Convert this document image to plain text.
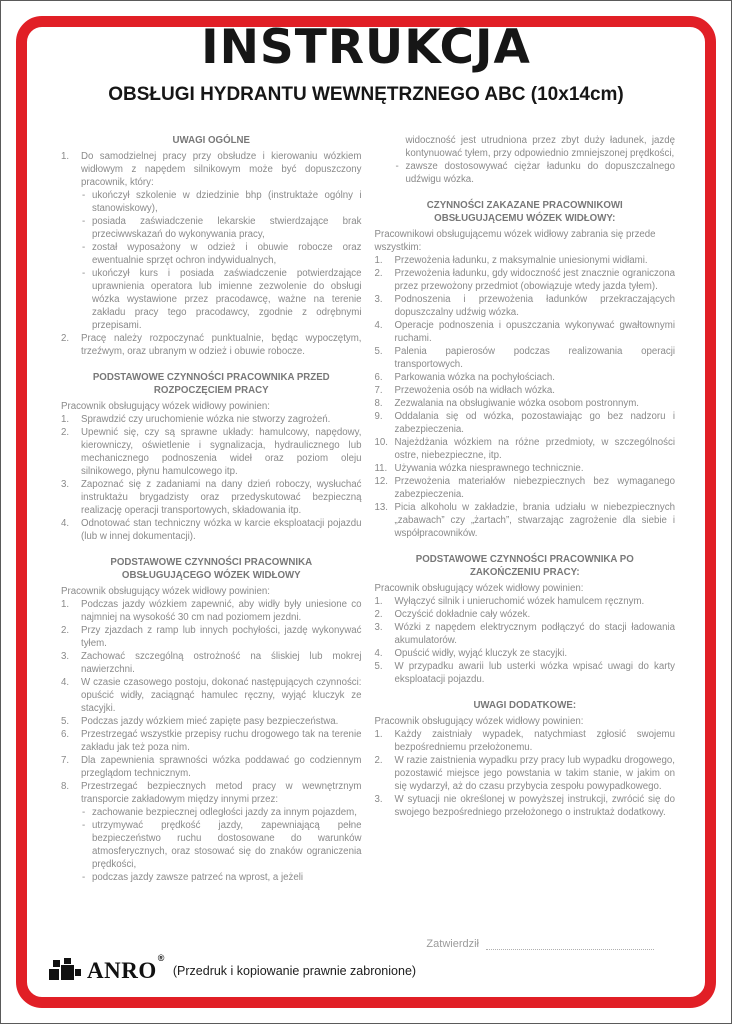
INSTRUKCJA
OBSŁUGI HYDRANTU WEWNĘTRZNEGO ABC (10x14cm)
UWAGI OGÓLNE
1. Do samodzielnej pracy przy obsłudze i kierowaniu wózkiem widłowym z napędem silnikowym może być dopuszczony pracownik, który:
- ukończył szkolenie w dziedzinie bhp (instruktaże ogólny i stanowiskowy),
- posiada zaświadczenie lekarskie stwierdzające brak przeciwwskazań do wykonywania pracy,
- został wyposażony w odzież i obuwie robocze oraz ewentualnie sprzęt ochron indywidualnych,
- ukończył kurs i posiada zaświadczenie potwierdzające uprawnienia operatora lub imienne zezwolenie do obsługi wózka wystawione przez pracodawcę, ważne na terenie zakładu pracy tego pracodawcy, zgodnie z odrębnymi przepisami.
2. Pracę należy rozpoczynać punktualnie, będąc wypoczętym, trzeźwym, oraz ubranym w odzież i obuwie robocze.
PODSTAWOWE CZYNNOŚCI PRACOWNIKA PRZED ROZPOCZĘCIEM PRACY
Pracownik obsługujący wózek widłowy powinien:
1. Sprawdzić czy uruchomienie wózka nie stworzy zagrożeń.
2. Upewnić się, czy są sprawne układy: hamulcowy, napędowy, kierowniczy, oświetlenie i sygnalizacja, hydraulicznego lub mechanicznego podnoszenia wideł oraz poziom oleju silnikowego, płynu hamulcowego itp.
3. Zapoznać się z zadaniami na dany dzień roboczy, wysłuchać instruktażu brygadzisty oraz przedyskutować bezpieczną realizację operacji transportowych, składowania itp.
4. Odnotować stan techniczny wózka w karcie eksploatacji pojazdu (lub w innej dokumentacji).
PODSTAWOWE CZYNNOŚCI PRACOWNIKA OBSŁUGUJĄCEGO WÓZEK WIDŁOWY
Pracownik obsługujący wózek widłowy powinien:
1. Podczas jazdy wózkiem zapewnić, aby widły były uniesione co najmniej na wysokość 30 cm nad poziomem jezdni.
2. Przy zjazdach z ramp lub innych pochyłości, jazdę wykonywać tyłem.
3. Zachować szczególną ostrożność na śliskiej lub mokrej nawierzchni.
4. W czasie czasowego postoju, dokonać następujących czynności: opuścić widły, zaciągnąć hamulec ręczny, wyjąć kluczyk ze stacyjki.
5. Podczas jazdy wózkiem mieć zapięte pasy bezpieczeństwa.
6. Przestrzegać wszystkie przepisy ruchu drogowego tak na terenie zakładu jak też poza nim.
7. Dla zapewnienia sprawności wózka poddawać go codziennym przeglądom technicznym.
8. Przestrzegać bezpiecznych metod pracy w wewnętrznym transporcie zakładowym między innymi przez:
- zachowanie bezpiecznej odległości jazdy za innym pojazdem,
- utrzymywać prędkość jazdy, zapewniającą pełne bezpieczeństwo ruchu dostosowane do warunków atmosferycznych, oraz stosować się do znaków ograniczenia prędkości,
- podczas jazdy zawsze patrzeć na wprost, a jeżeli
widoczność jest utrudniona przez zbyt duży ładunek, jazdę kontynuować tyłem, przy odpowiednio zmniejszonej prędkości,
- zawsze dostosowywać ciężar ładunku do dopuszczalnego udźwigu wózka.
CZYNNOŚCI ZAKAZANE PRACOWNIKOWI OBSŁUGUJĄCEMU WÓZEK WIDŁOWY:
Pracownikowi obsługującemu wózek widłowy zabrania się przede wszystkim:
1. Przewożenia ładunku, z maksymalnie uniesionymi widłami.
2. Przewożenia ładunku, gdy widoczność jest znacznie ograniczona przez przewożony przedmiot (obowiązuje wtedy jazda tyłem).
3. Podnoszenia i przewożenia ładunków przekraczających dopuszczalny udźwig wózka.
4. Operacje podnoszenia i opuszczania wykonywać gwałtownymi ruchami.
5. Palenia papierosów podczas realizowania operacji transportowych.
6. Parkowania wózka na pochyłościach.
7. Przewożenia osób na widłach wózka.
8. Zezwalania na obsługiwanie wózka osobom postronnym.
9. Oddalania się od wózka, pozostawiając go bez nadzoru i zabezpieczenia.
10. Najeżdżania wózkiem na różne przedmioty, w szczególności ostre, niebezpieczne, itp.
11. Używania wózka niesprawnego technicznie.
12. Przewożenia materiałów niebezpiecznych bez wymaganego zabezpieczenia.
13. Picia alkoholu w zakładzie, brania udziału w niebezpiecznych „zabawach” czy „żartach”, stwarzając zagrożenie dla siebie i współpracowników.
PODSTAWOWE CZYNNOŚCI PRACOWNIKA PO ZAKOŃCZENIU PRACY:
Pracownik obsługujący wózek widłowy powinien:
1. Wyłączyć silnik i unieruchomić wózek hamulcem ręcznym.
2. Oczyścić dokładnie cały wózek.
3. Wózki z napędem elektrycznym podłączyć do stacji ładowania akumulatorów.
4. Opuścić widły, wyjąć kluczyk ze stacyjki.
5. W przypadku awarii lub usterki wózka wpisać uwagi do karty eksploatacji pojazdu.
UWAGI DODATKOWE:
Pracownik obsługujący wózek widłowy powinien:
1. Każdy zaistniały wypadek, natychmiast zgłosić swojemu bezpośredniemu przełożonemu.
2. W razie zaistnienia wypadku przy pracy lub wypadku drogowego, pozostawić miejsce jego powstania w takim stanie, w jakim on się wydarzył, aż do czasu przybycia zespołu powypadkowego.
3. W sytuacji nie określonej w powyższej instrukcji, zwrócić się do swojego bezpośredniego przełożonego o instruktaż dodatkowy.
Zatwierdził
ANRO®
(Przedruk i kopiowanie prawnie zabronione)
